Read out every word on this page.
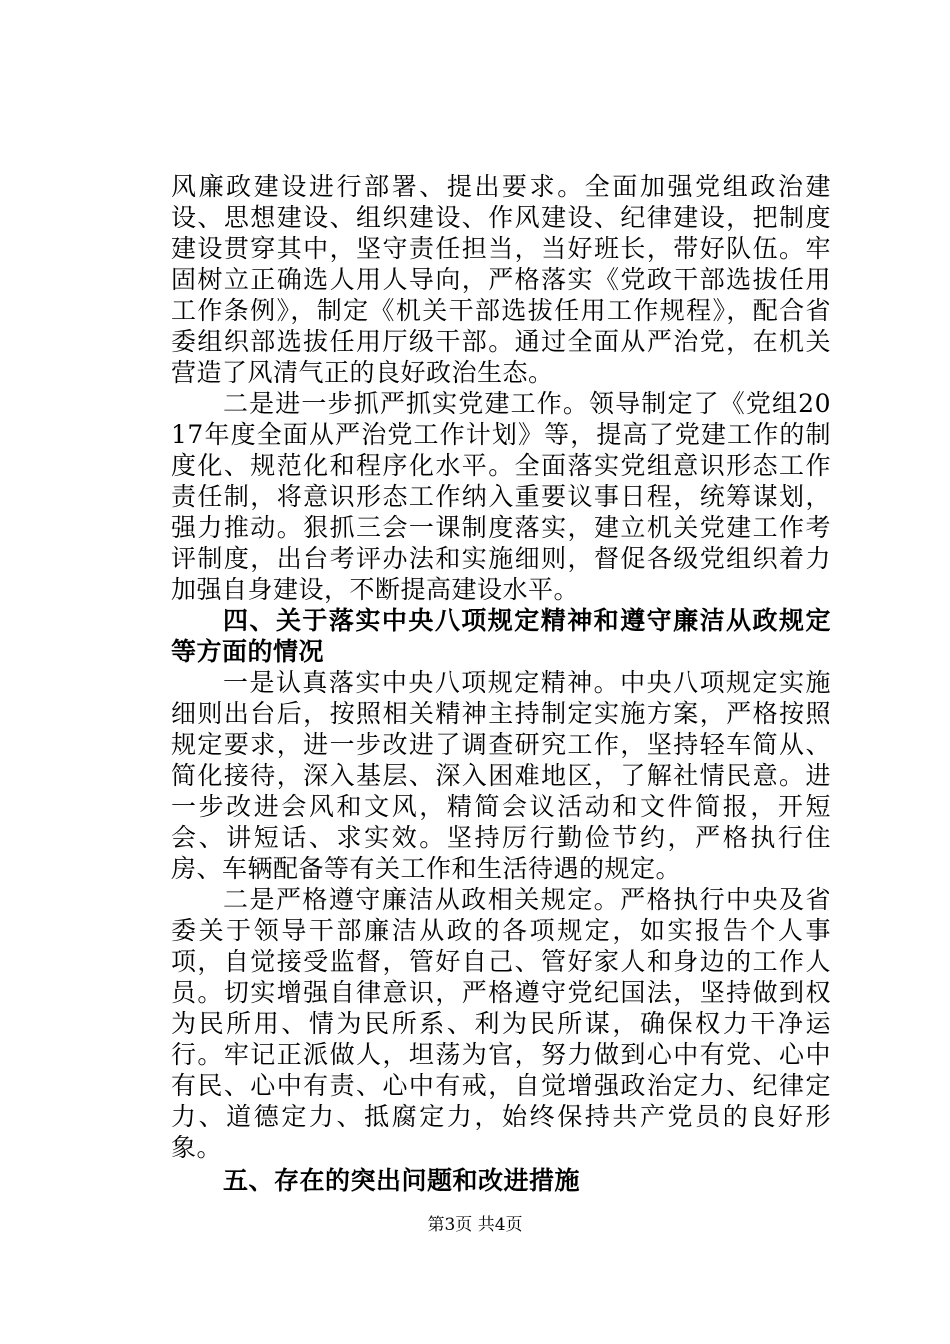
风廉政建设进行部署、提出要求。全面加强党组政治建设、思想建设、组织建设、作风建设、纪律建设，把制度建设贯穿其中，坚守责任担当，当好班长，带好队伍。牢固树立正确选人用人导向，严格落实《党政干部选拔任用工作条例》，制定《机关干部选拔任用工作规程》，配合省委组织部选拔任用厅级干部。通过全面从严治党，在机关营造了风清气正的良好政治生态。

二是进一步抓严抓实党建工作。领导制定了《党组2017年度全面从严治党工作计划》等，提高了党建工作的制度化、规范化和程序化水平。全面落实党组意识形态工作责任制，将意识形态工作纳入重要议事日程，统筹谋划，强力推动。狠抓三会一课制度落实，建立机关党建工作考评制度，出台考评办法和实施细则，督促各级党组织着力加强自身建设，不断提高建设水平。

四、关于落实中央八项规定精神和遵守廉洁从政规定等方面的情况

一是认真落实中央八项规定精神。中央八项规定实施细则出台后，按照相关精神主持制定实施方案，严格按照规定要求，进一步改进了调查研究工作，坚持轻车简从、简化接待，深入基层、深入困难地区，了解社情民意。进一步改进会风和文风，精简会议活动和文件简报，开短会、讲短话、求实效。坚持厉行勤俭节约，严格执行住房、车辆配备等有关工作和生活待遇的规定。

二是严格遵守廉洁从政相关规定。严格执行中央及省委关于领导干部廉洁从政的各项规定，如实报告个人事项，自觉接受监督，管好自己、管好家人和身边的工作人员。切实增强自律意识，严格遵守党纪国法，坚持做到权为民所用、情为民所系、利为民所谋，确保权力干净运行。牢记正派做人，坦荡为官，努力做到心中有党、心中有民、心中有责、心中有戒，自觉增强政治定力、纪律定力、道德定力、抵腐定力，始终保持共产党员的良好形象。

五、存在的突出问题和改进措施

第3页 共4页
